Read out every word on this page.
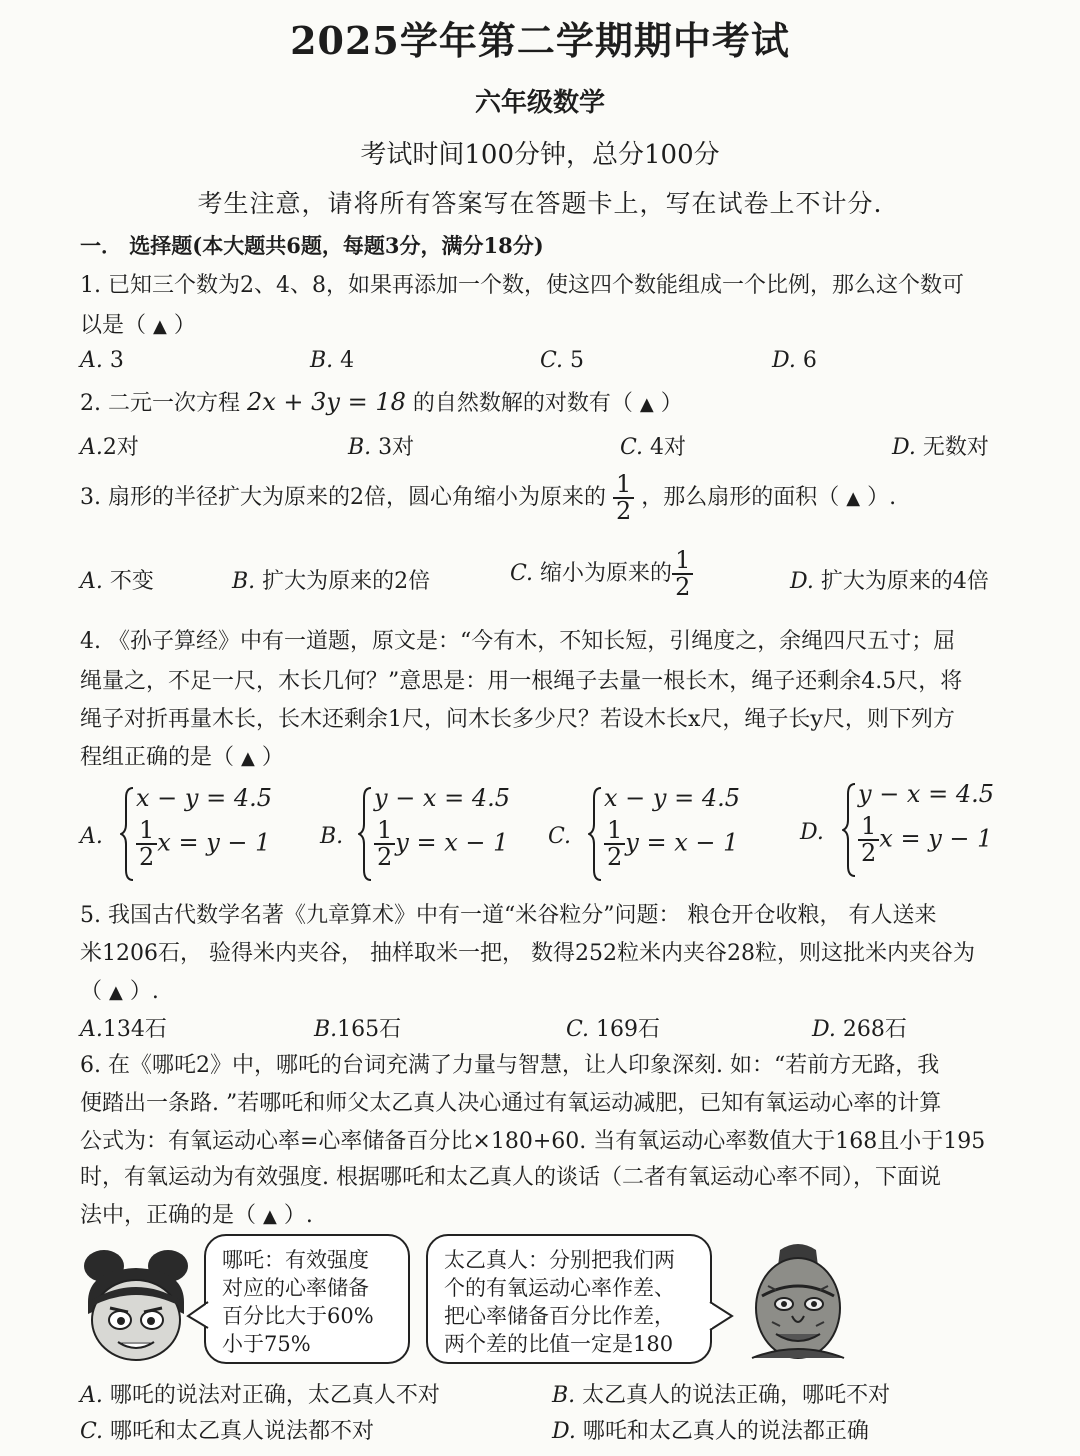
2025学年第二学期期中考试
六年级数学
考试时间100分钟，总分100分
考生注意，请将所有答案写在答题卡上，写在试卷上不计分.
一． 选择题(本大题共6题，每题3分，满分18分)
1. 已知三个数为2、4、8，如果再添加一个数，使这四个数能组成一个比例，那么这个数可
以是（ ▲ ）
A. 3	B. 4	C. 5	D. 6
2. 二元一次方程 2x + 3y = 18 的自然数解的对数有（ ▲ ）
A.2对	B. 3对	C. 4对	D. 无数对
3. 扇形的半径扩大为原来的2倍，圆心角缩小为原来的 $\frac{1}{2}$ ，那么扇形的面积（ ▲ ）.
A. 不变	B. 扩大为原来的2倍	C. 缩小为原来的 $\frac{1}{2}$	D. 扩大为原来的4倍
4. 《孙子算经》中有一道题，原文是：“今有木，不知长短，引绳度之，余绳四尺五寸；屈
绳量之，不足一尺，木长几何？”意思是：用一根绳子去量一根长木，绳子还剩余4.5尺，将
绳子对折再量木长，长木还剩余1尺，问木长多少尺？若设木长x尺，绳子长y尺，则下列方
程组正确的是（ ▲ ）
A.
x − y = 4.5
$\frac{1}{2}$ x = y − 1 B.
y − x = 4.5
$\frac{1}{2}$ y = x − 1 C.
x − y = 4.5
$\frac{1}{2}$ y = x − 1	D.
y − x = 4.5
$\frac{1}{2}$ x = y − 1
5. 我国古代数学名著《九章算术》中有一道“米谷粒分”问题： 粮仓开仓收粮， 有人送来
米1206石， 验得米内夹谷， 抽样取米一把， 数得252粒米内夹谷28粒，则这批米内夹谷为
（ ▲ ）.
A.134石	B.165石	C. 169石	D. 268石
6. 在《哪吒2》中，哪吒的台词充满了力量与智慧，让人印象深刻. 如：“若前方无路，我
便踏出一条路. ”若哪吒和师父太乙真人决心通过有氧运动减肥，已知有氧运动心率的计算
公式为：有氧运动心率=心率储备百分比×180+60. 当有氧运动心率数值大于168且小于195
时，有氧运动为有效强度. 根据哪吒和太乙真人的谈话（二者有氧运动心率不同），下面说
法中，正确的是（ ▲ ）.
哪吒：有效强度
对应的心率储备
百分比大于60%
小于75%
太乙真人：分别把我们两
个的有氧运动心率作差、
把心率储备百分比作差，
两个差的比值一定是180
A. 哪吒的说法对正确，太乙真人不对	B. 太乙真人的说法正确，哪吒不对
C. 哪吒和太乙真人说法都不对	D. 哪吒和太乙真人的说法都正确
